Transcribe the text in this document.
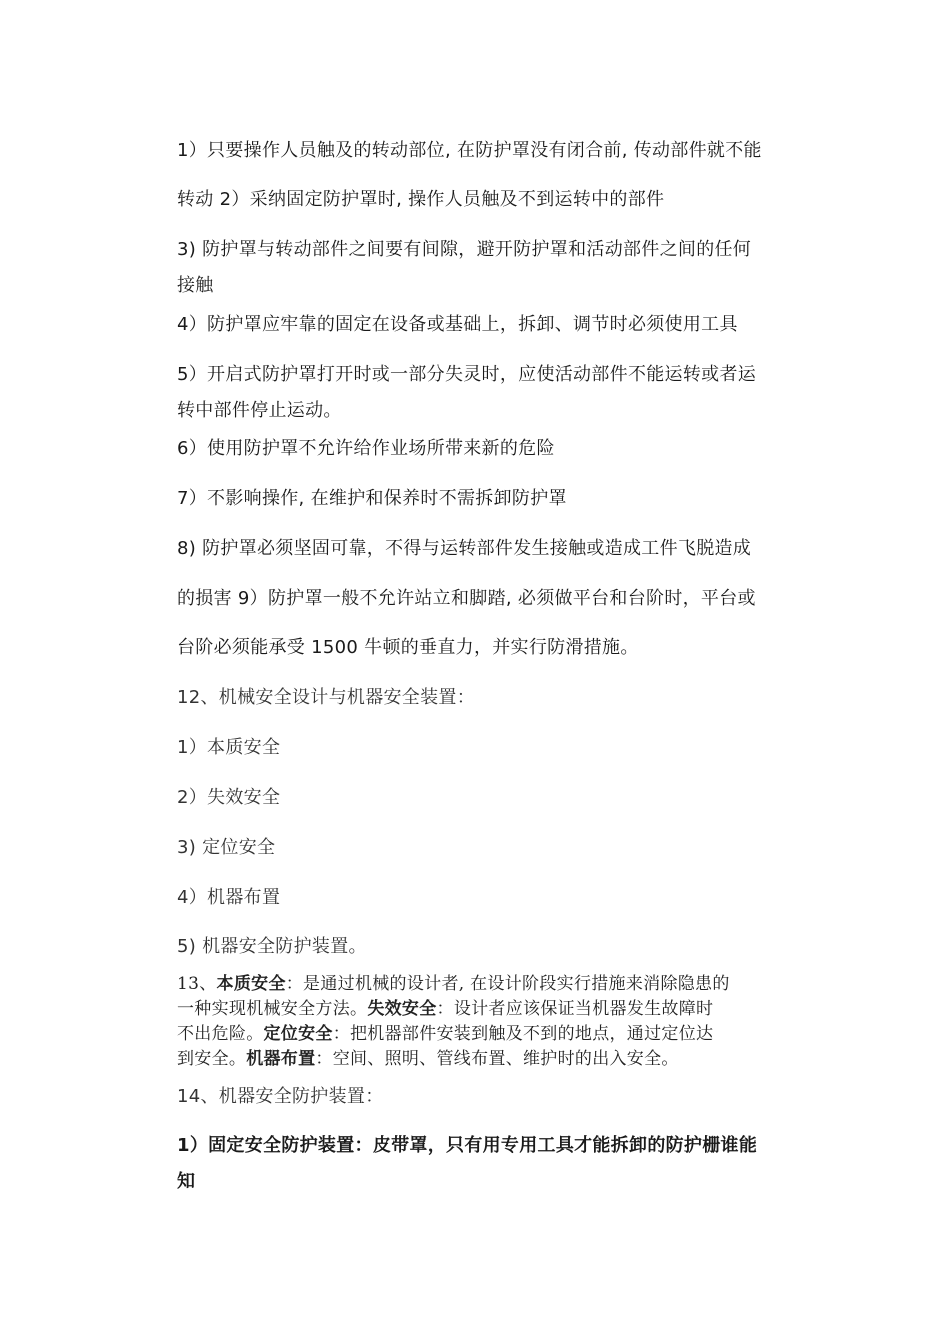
1）只要操作人员触及的转动部位, 在防护罩没有闭合前, 传动部件就不能
转动 2）采纳固定防护罩时, 操作人员触及不到运转中的部件
3) 防护罩与转动部件之间要有间隙，避开防护罩和活动部件之间的任何
接触
4）防护罩应牢靠的固定在设备或基础上，拆卸、调节时必须使用工具
5）开启式防护罩打开时或一部分失灵时，应使活动部件不能运转或者运
转中部件停止运动。
6）使用防护罩不允许给作业场所带来新的危险
7）不影响操作, 在维护和保养时不需拆卸防护罩
8) 防护罩必须坚固可靠，不得与运转部件发生接触或造成工件飞脱造成
的损害 9）防护罩一般不允许站立和脚踏, 必须做平台和台阶时，平台或
台阶必须能承受 1500 牛顿的垂直力，并实行防滑措施。
12、机械安全设计与机器安全装置：
1）本质安全
2）失效安全
3) 定位安全
4）机器布置
5) 机器安全防护装置。
13、本质安全：是通过机械的设计者, 在设计阶段实行措施来消除隐患的
一种实现机械安全方法。失效安全：设计者应该保证当机器发生故障时
不出危险。定位安全：把机器部件安装到触及不到的地点，通过定位达
到安全。机器布置：空间、照明、管线布置、维护时的出入安全。
14、机器安全防护装置：
1）固定安全防护装置：皮带罩，只有用专用工具才能拆卸的防护栅谁能
知
